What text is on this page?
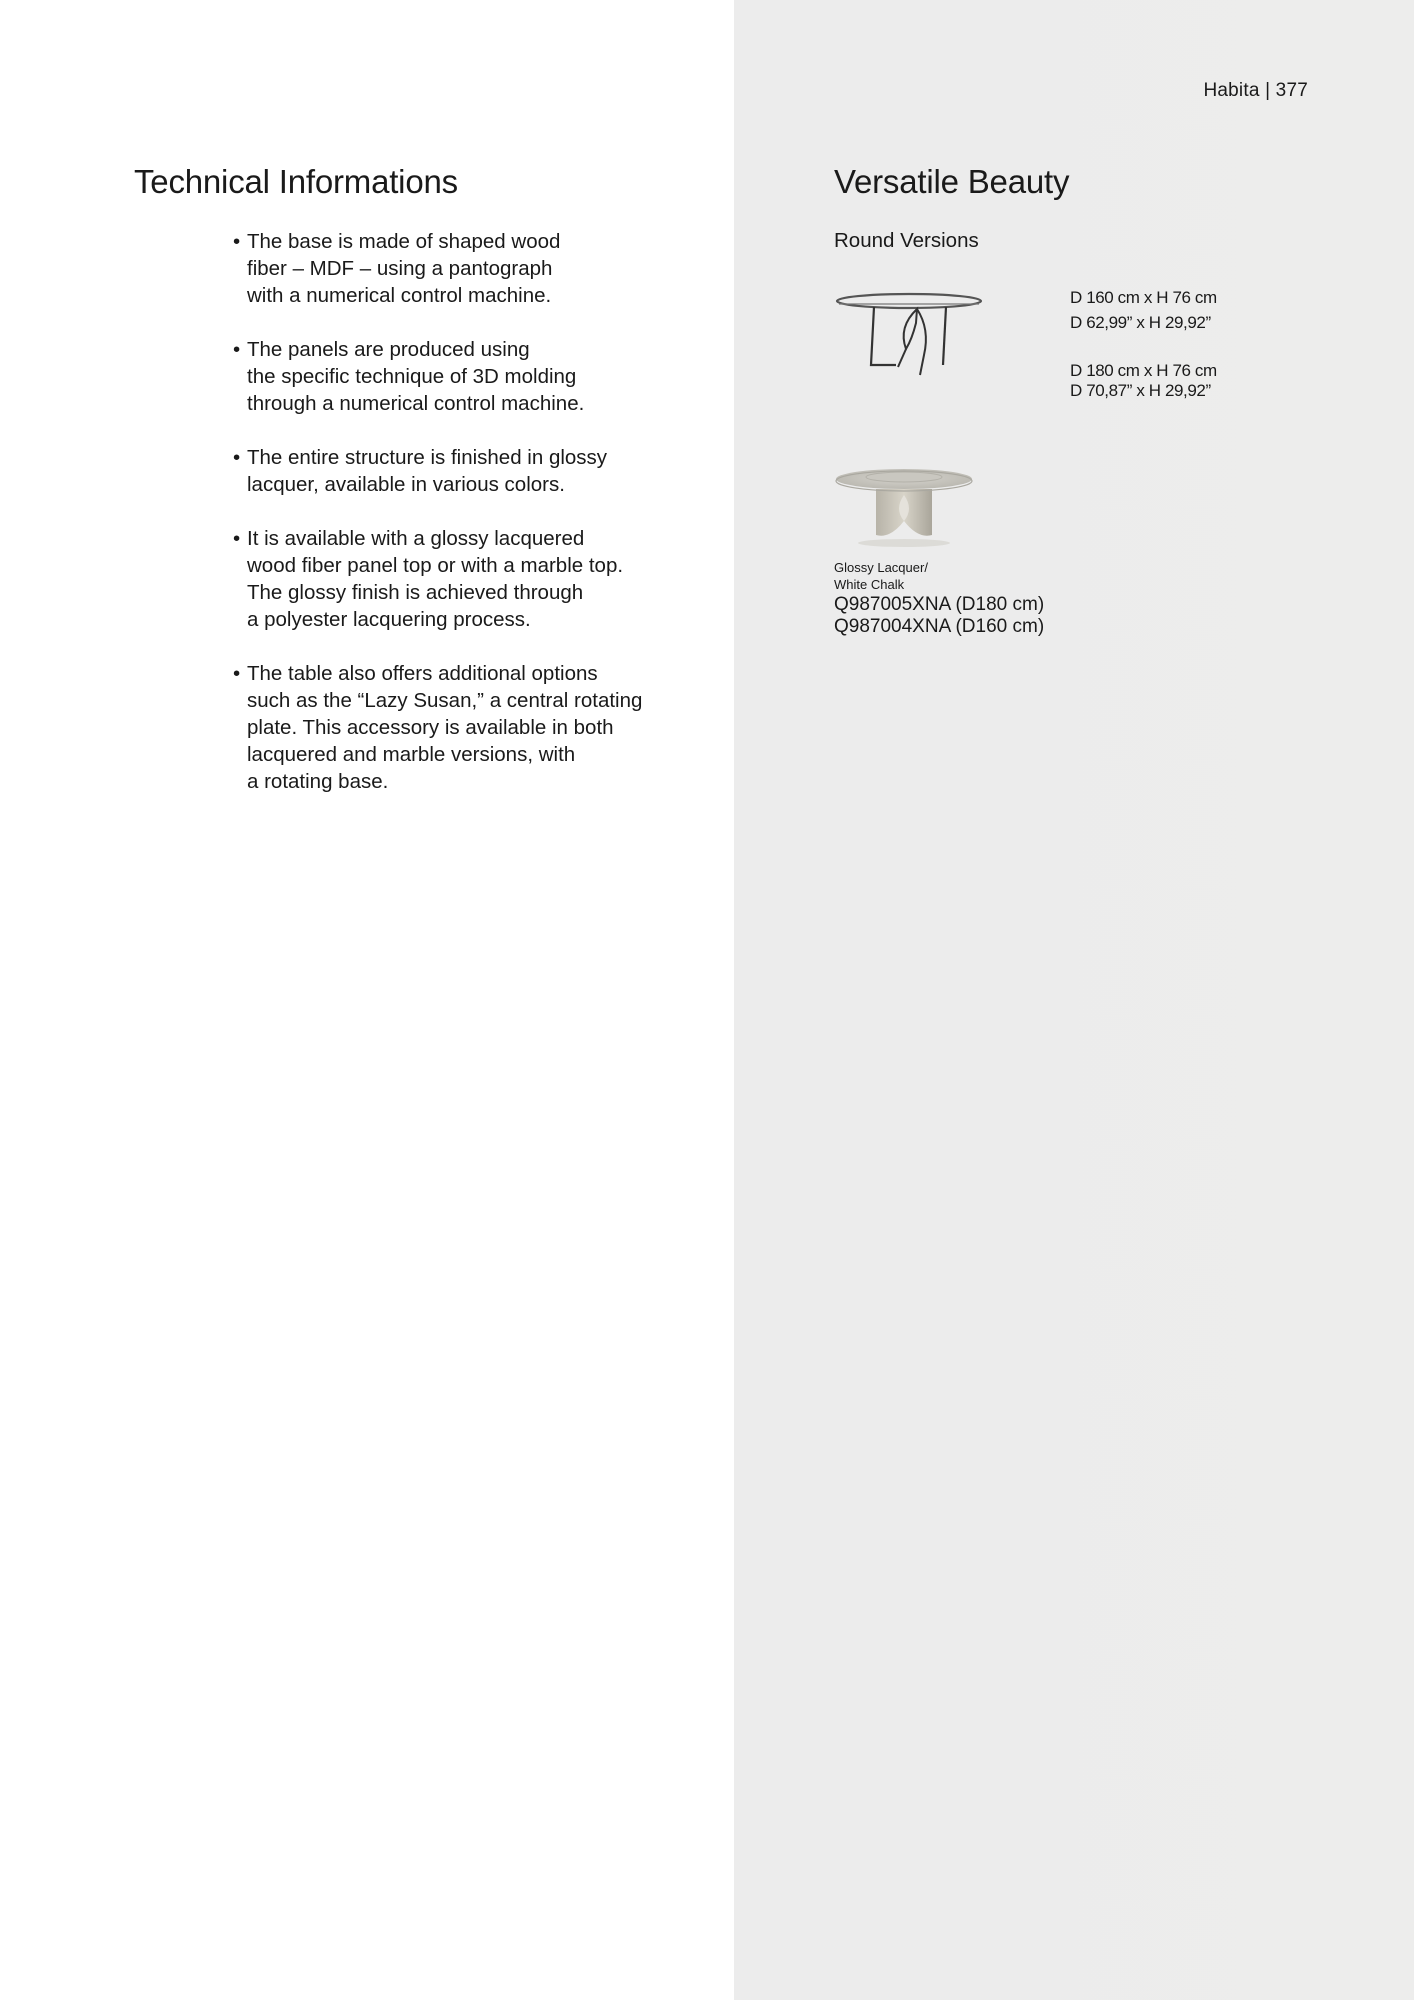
Habita | 377
Technical Informations
• The base is made of shaped wood
fiber – MDF – using a pantograph
with a numerical control machine.
• The panels are produced using
the specific technique of 3D molding
through a numerical control machine.
• The entire structure is finished in glossy
lacquer, available in various colors.
• It is available with a glossy lacquered
wood fiber panel top or with a marble top.
The glossy finish is achieved through
a polyester lacquering process.
• The table also offers additional options
such as the “Lazy Susan,” a central rotating
plate. This accessory is available in both
lacquered and marble versions, with
a rotating base.
Versatile Beauty
Round Versions
D 160 cm x H 76 cm
D 62,99” x H 29,92”
D 180 cm x H 76 cm
D 70,87” x H 29,92”
Glossy Lacquer/
White Chalk
Q987005XNA (D180 cm)
Q987004XNA (D160 cm)
